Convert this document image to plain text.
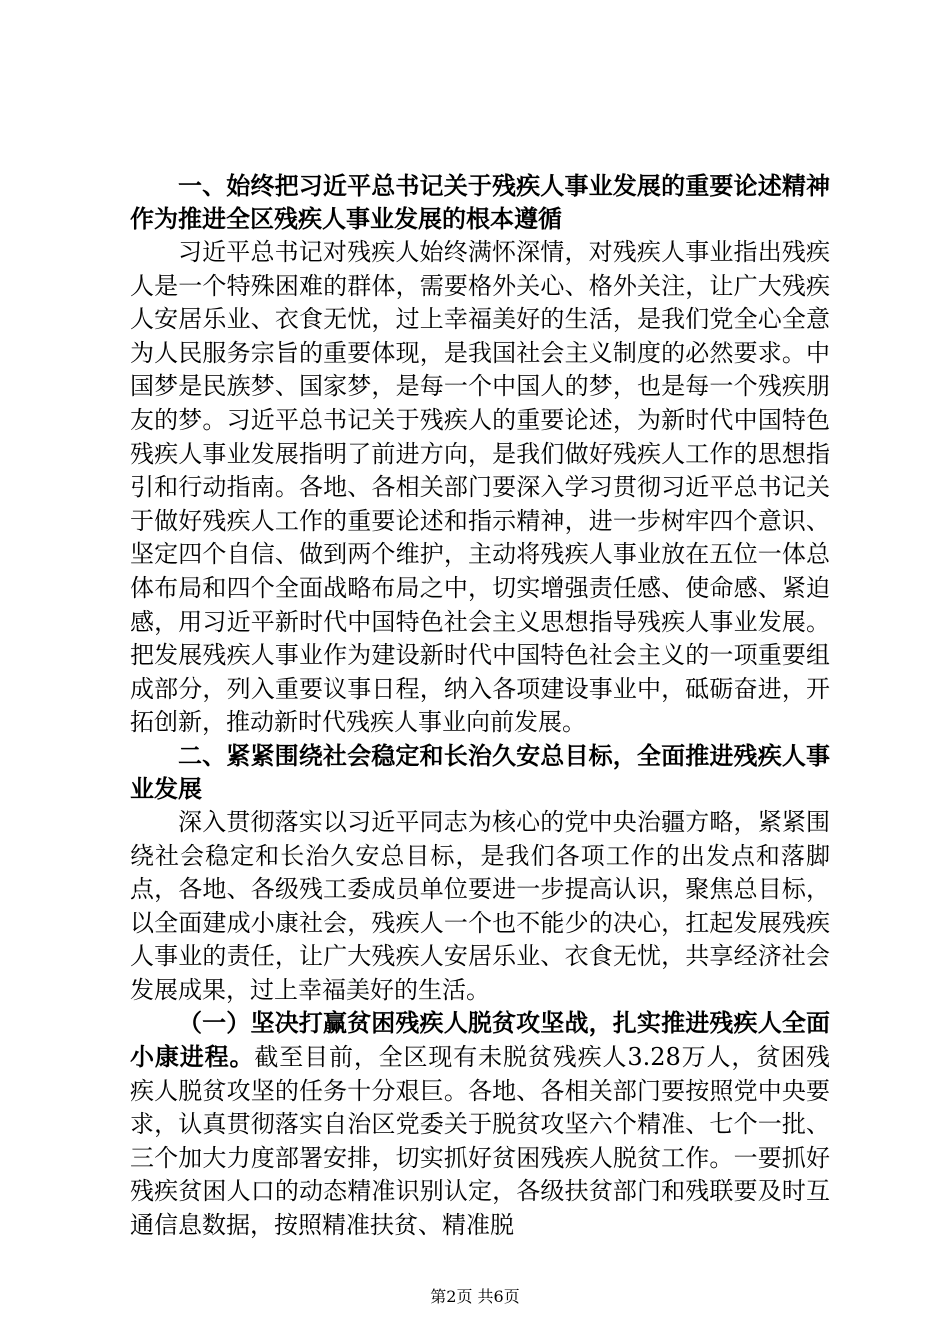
一、始终把习近平总书记关于残疾人事业发展的重要论述精神作为推进全区残疾人事业发展的根本遵循

习近平总书记对残疾人始终满怀深情，对残疾人事业指出残疾人是一个特殊困难的群体，需要格外关心、格外关注，让广大残疾人安居乐业、衣食无忧，过上幸福美好的生活，是我们党全心全意为人民服务宗旨的重要体现，是我国社会主义制度的必然要求。中国梦是民族梦、国家梦，是每一个中国人的梦，也是每一个残疾朋友的梦。习近平总书记关于残疾人的重要论述，为新时代中国特色残疾人事业发展指明了前进方向，是我们做好残疾人工作的思想指引和行动指南。各地、各相关部门要深入学习贯彻习近平总书记关于做好残疾人工作的重要论述和指示精神，进一步树牢四个意识、坚定四个自信、做到两个维护，主动将残疾人事业放在五位一体总体布局和四个全面战略布局之中，切实增强责任感、使命感、紧迫感，用习近平新时代中国特色社会主义思想指导残疾人事业发展。把发展残疾人事业作为建设新时代中国特色社会主义的一项重要组成部分，列入重要议事日程，纳入各项建设事业中，砥砺奋进，开拓创新，推动新时代残疾人事业向前发展。

二、紧紧围绕社会稳定和长治久安总目标，全面推进残疾人事业发展

深入贯彻落实以习近平同志为核心的党中央治疆方略，紧紧围绕社会稳定和长治久安总目标，是我们各项工作的出发点和落脚点，各地、各级残工委成员单位要进一步提高认识，聚焦总目标，以全面建成小康社会，残疾人一个也不能少的决心，扛起发展残疾人事业的责任，让广大残疾人安居乐业、衣食无忧，共享经济社会发展成果，过上幸福美好的生活。

（一）坚决打赢贫困残疾人脱贫攻坚战，扎实推进残疾人全面小康进程。截至目前，全区现有未脱贫残疾人3.28万人，贫困残疾人脱贫攻坚的任务十分艰巨。各地、各相关部门要按照党中央要求，认真贯彻落实自治区党委关于脱贫攻坚六个精准、七个一批、三个加大力度部署安排，切实抓好贫困残疾人脱贫工作。一要抓好残疾贫困人口的动态精准识别认定，各级扶贫部门和残联要及时互通信息数据，按照精准扶贫、精准脱

第2页 共6页
